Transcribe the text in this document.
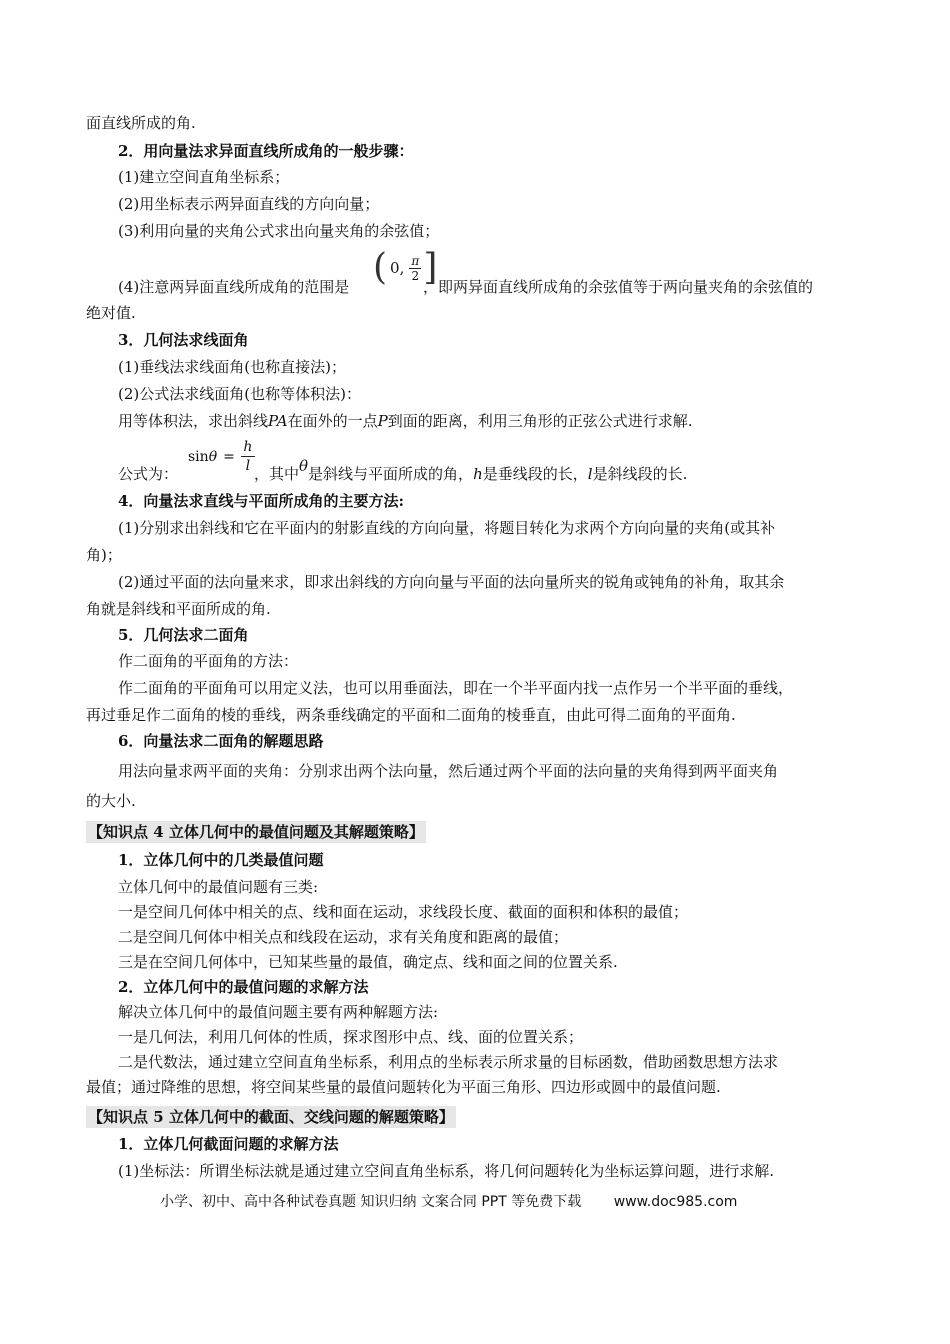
面直线所成的角.
2．用向量法求异面直线所成角的一般步骤：
(1)建立空间直角坐标系；
(2)用坐标表示两异面直线的方向向量；
(3)利用向量的夹角公式求出向量夹角的余弦值；
(4)注意两异面直线所成角的范围是 ( 0, $\frac{\pi}{2}$ ]
，即两异面直线所成角的余弦值等于两向量夹角的余弦值的
绝对值.
3．几何法求线面角
(1)垂线法求线面角(也称直接法)；
(2)公式法求线面角(也称等体积法)：
用等体积法，求出斜线PA在面外的一点P到面的距离，利用三角形的正弦公式进行求解.
sin θ =
h
l
公式为：	，其中θ是斜线与平面所成的角，h是垂线段的长，l是斜线段的长.
4．向量法求直线与平面所成角的主要方法:
(1)分别求出斜线和它在平面内的射影直线的方向向量，将题目转化为求两个方向向量的夹角(或其补
角)；
(2)通过平面的法向量来求，即求出斜线的方向向量与平面的法向量所夹的锐角或钝角的补角，取其余
角就是斜线和平面所成的角.
5．几何法求二面角
作二面角的平面角的方法：
作二面角的平面角可以用定义法，也可以用垂面法，即在一个半平面内找一点作另一个半平面的垂线，
再过垂足作二面角的棱的垂线，两条垂线确定的平面和二面角的棱垂直，由此可得二面角的平面角.
6．向量法求二面角的解题思路
用法向量求两平面的夹角：分别求出两个法向量，然后通过两个平面的法向量的夹角得到两平面夹角
的大小.
【知识点 4 立体几何中的最值问题及其解题策略】
1．立体几何中的几类最值问题
立体几何中的最值问题有三类:
一是空间几何体中相关的点、线和面在运动，求线段长度、截面的面积和体积的最值；
二是空间几何体中相关点和线段在运动，求有关角度和距离的最值；
三是在空间几何体中，已知某些量的最值，确定点、线和面之间的位置关系.
2．立体几何中的最值问题的求解方法
解决立体几何中的最值问题主要有两种解题方法:
一是几何法，利用几何体的性质，探求图形中点、线、面的位置关系；
二是代数法，通过建立空间直角坐标系，利用点的坐标表示所求量的目标函数，借助函数思想方法求
最值；通过降维的思想，将空间某些量的最值问题转化为平面三角形、四边形或圆中的最值问题.
【知识点 5 立体几何中的截面、交线问题的解题策略】
1．立体几何截面问题的求解方法
(1)坐标法：所谓坐标法就是通过建立空间直角坐标系，将几何问题转化为坐标运算问题，进行求解.
小学、初中、高中各种试卷真题 知识归纳 文案合同 PPT 等免费下载 www.doc985.com
